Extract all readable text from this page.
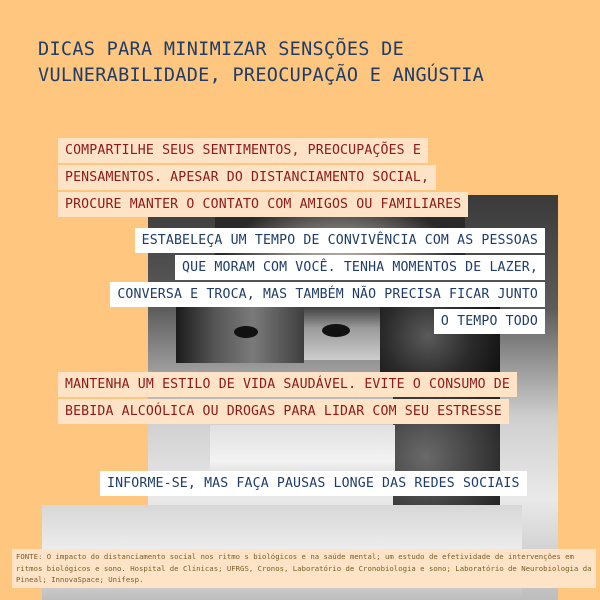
DICAS PARA MINIMIZAR SENSÇÕES DE
VULNERABILIDADE, PREOCUPAÇÃO E ANGÚSTIA
COMPARTILHE SEUS SENTIMENTOS, PREOCUPAÇÕES E
PENSAMENTOS. APESAR DO DISTANCIAMENTO SOCIAL,
PROCURE MANTER O CONTATO COM AMIGOS OU FAMILIARES
ESTABELEÇA UM TEMPO DE CONVIVÊNCIA COM AS PESSOAS
QUE MORAM COM VOCÊ. TENHA MOMENTOS DE LAZER,
CONVERSA E TROCA, MAS TAMBÉM NÃO PRECISA FICAR JUNTO
O TEMPO TODO
MANTENHA UM ESTILO DE VIDA SAUDÁVEL. EVITE O CONSUMO DE
BEBIDA ALCOÓLICA OU DROGAS PARA LIDAR COM SEU ESTRESSE
INFORME-SE, MAS FAÇA PAUSAS LONGE DAS REDES SOCIAIS
FONTE: O impacto do distanciamento social nos ritmo s biológicos e na saúde mental; um estudo de efetividade de intervenções em ritmos biológicos e sono. Hospital de Clínicas; UFRGS, Cronos, Laboratório de Cronobiologia e sono; Laboratório de Neurobiologia da Pineal; InnovaSpace; Unifesp.
